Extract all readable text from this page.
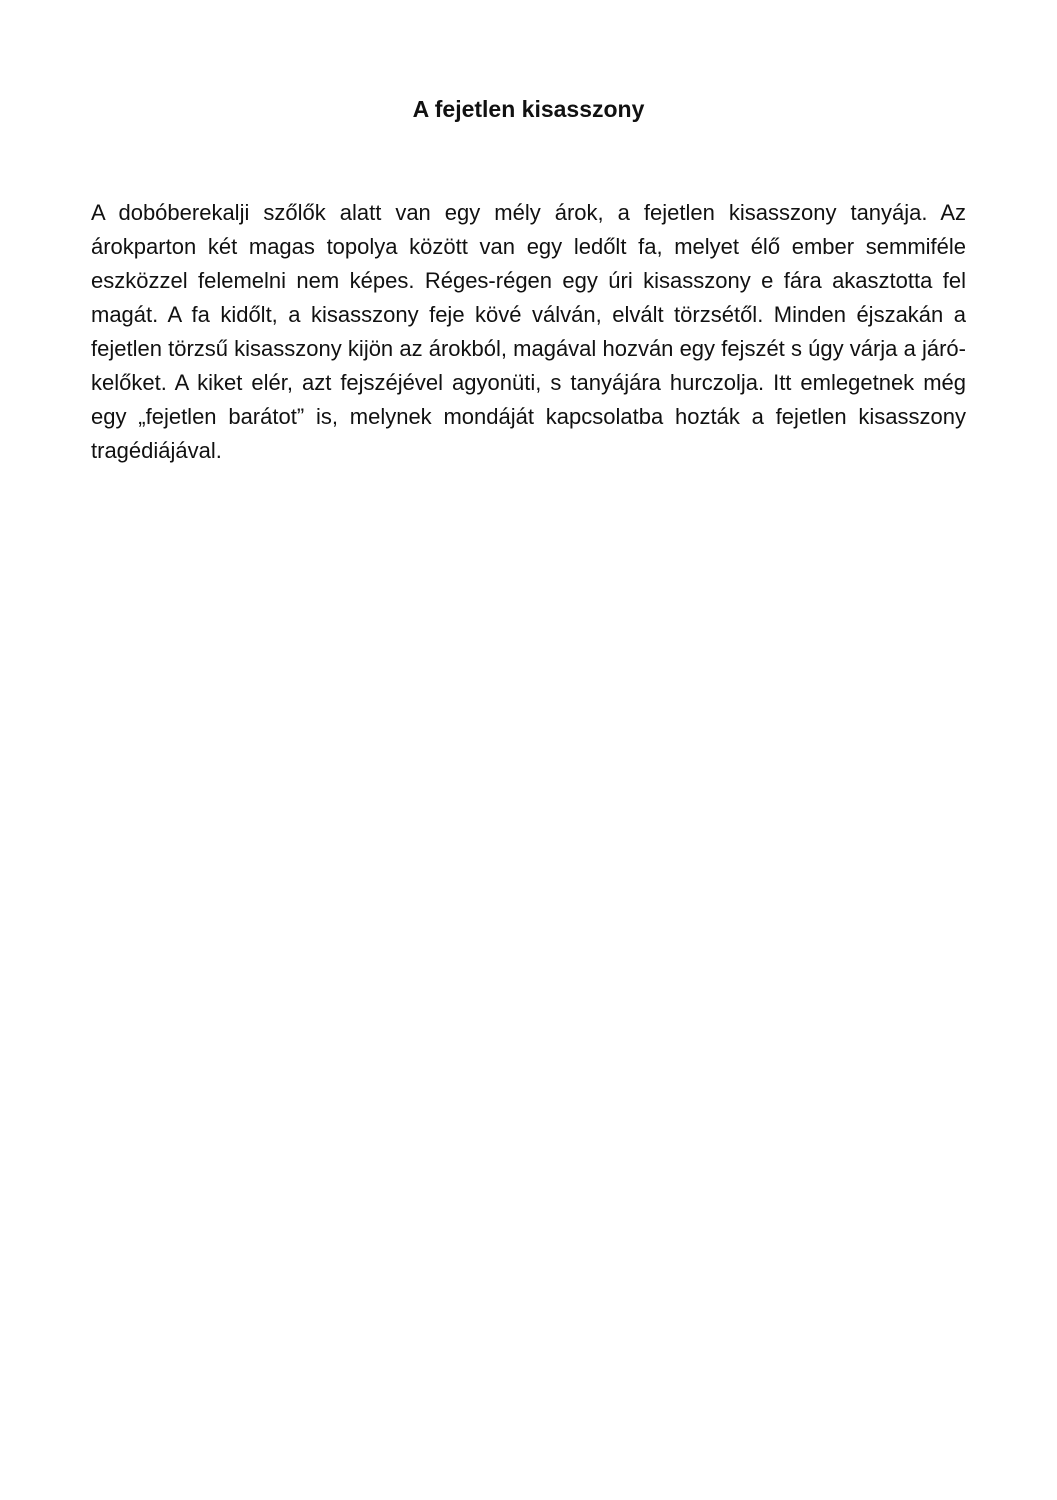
A fejetlen kisasszony

A dobóberekalji szőlők alatt van egy mély árok, a fejetlen kisasszony tanyája. Az árokparton két magas topolya között van egy ledőlt fa, melyet élő ember semmiféle eszközzel felemelni nem képes. Réges-régen egy úri kisasszony e fára akasztotta fel magát. A fa kidőlt, a kisasszony feje kövé válván, elvált törzsétől. Minden éjszakán a fejetlen törzsű kisasszony kijön az árokból, magával hozván egy fejszét s úgy várja a járó-kelőket. A kiket elér, azt fejszéjével agyonüti, s tanyájára hurczolja. Itt emlegetnek még egy „fejetlen barátot” is, melynek mondáját kapcsolatba hozták a fejetlen kisasszony tragédiájával.
